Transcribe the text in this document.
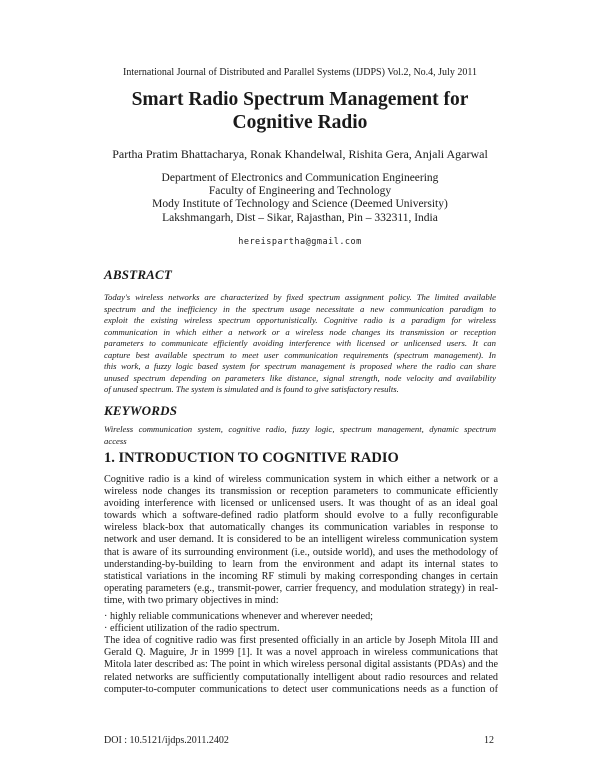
International Journal of Distributed and Parallel Systems (IJDPS) Vol.2, No.4, July 2011
Smart Radio Spectrum Management for
Cognitive Radio
Partha Pratim Bhattacharya, Ronak Khandelwal, Rishita Gera, Anjali Agarwal
Department of Electronics and Communication Engineering
Faculty of Engineering and Technology
Mody Institute of Technology and Science (Deemed University)
Lakshmangarh, Dist – Sikar, Rajasthan, Pin – 332311, India
hereispartha@gmail.com
ABSTRACT
Today's wireless networks are characterized by fixed spectrum assignment policy. The limited available
spectrum and the inefficiency in the spectrum usage necessitate a new communication paradigm to
exploit the existing wireless spectrum opportunistically. Cognitive radio is a paradigm for wireless
communication in which either a network or a wireless node changes its transmission or reception
parameters to communicate efficiently avoiding interference with licensed or unlicensed users. It can
capture best available spectrum to meet user communication requirements (spectrum management). In
this work, a fuzzy logic based system for spectrum management is proposed where the radio can share
unused spectrum depending on parameters like distance, signal strength, node velocity and availability
of unused spectrum. The system is simulated and is found to give satisfactory results.
KEYWORDS
Wireless communication system, cognitive radio, fuzzy logic, spectrum management, dynamic spectrum
access
1. INTRODUCTION TO COGNITIVE RADIO
Cognitive radio is a kind of wireless communication system in which either a network or a
wireless node changes its transmission or reception parameters to communicate efficiently
avoiding interference with licensed or unlicensed users. It was thought of as an ideal goal
towards which a software-defined radio platform should evolve to a fully reconfigurable
wireless black-box that automatically changes its communication variables in response to
network and user demand. It is considered to be an intelligent wireless communication system
that is aware of its surrounding environment (i.e., outside world), and uses the methodology of
understanding-by-building to learn from the environment and adapt its internal states to
statistical variations in the incoming RF stimuli by making corresponding changes in certain
operating parameters (e.g., transmit-power, carrier frequency, and modulation strategy) in real-
time, with two primary objectives in mind:
· highly reliable communications whenever and wherever needed;
· efficient utilization of the radio spectrum.
The idea of cognitive radio was first presented officially in an article by Joseph Mitola III and
Gerald Q. Maguire, Jr in 1999 [1]. It was a novel approach in wireless communications that
Mitola later described as: The point in which wireless personal digital assistants (PDAs) and the
related networks are sufficiently computationally intelligent about radio resources and related
computer-to-computer communications to detect user communications needs as a function of
DOI : 10.5121/ijdps.2011.2402	12
